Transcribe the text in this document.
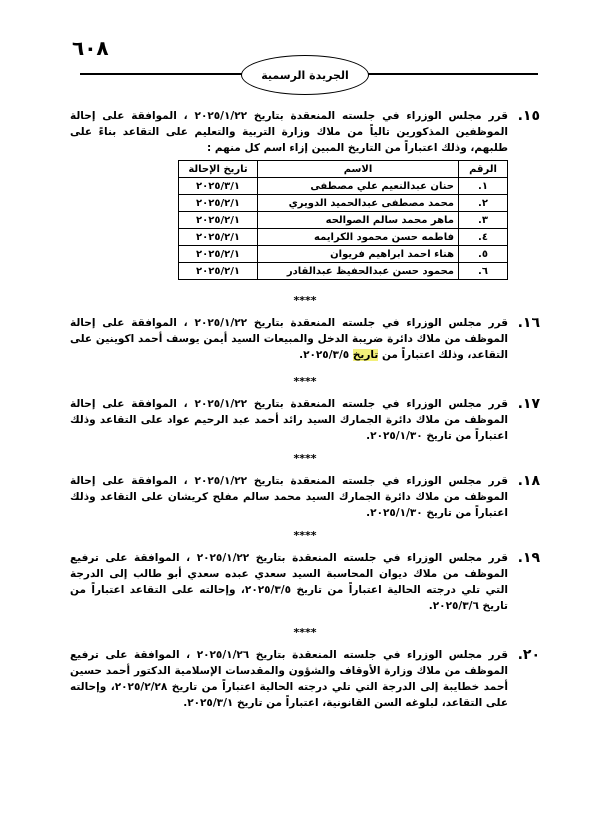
٦٠٨
الجريدة الرسمية
١٥.
قرر مجلس الوزراء في جلسته المنعقدة بتاريخ ٢٠٢٥/١/٢٢ ، الموافقة على إحالة الموظفين المذكورين تالياً من ملاك وزارة التربية والتعليم على التقاعد بناءً على طلبهم، وذلك اعتباراً من التاريخ المبين إزاء اسم كل منهم :
الرقم	الاسم	تاريخ الإحالة
١.	حنان عبدالنعيم علي مصطفى	٢٠٢٥/٣/١
٢.	محمد مصطفى عبدالحميد الدويري	٢٠٢٥/٢/١
٣.	ماهر محمد سالم الصوالحه	٢٠٢٥/٢/١
٤.	فاطمه حسن محمود الكرايمه	٢٠٢٥/٢/١
٥.	هناء احمد ابراهيم فريوان	٢٠٢٥/٢/١
٦.	محمود حسن عبدالحفيظ عبدالقادر	٢٠٢٥/٢/١
****
١٦.
قرر مجلس الوزراء في جلسته المنعقدة بتاريخ ٢٠٢٥/١/٢٢ ، الموافقة على إحالة الموظف من ملاك دائرة ضريبة الدخل والمبيعات السيد أيمن يوسف أحمد اكوينين على التقاعد، وذلك اعتباراً من تاريخ ٢٠٢٥/٣/٥.
****
١٧.
قرر مجلس الوزراء في جلسته المنعقدة بتاريخ ٢٠٢٥/١/٢٢ ، الموافقة على إحالة الموظف من ملاك دائرة الجمارك السيد رائد أحمد عبد الرحيم عواد على التقاعد وذلك اعتباراً من تاريخ ٢٠٢٥/١/٣٠.
****
١٨.
قرر مجلس الوزراء في جلسته المنعقدة بتاريخ ٢٠٢٥/١/٢٢ ، الموافقة على إحالة الموظف من ملاك دائرة الجمارك السيد محمد سالم مفلح كريشان على التقاعد وذلك اعتباراً من تاريخ ٢٠٢٥/١/٣٠.
****
١٩.
قرر مجلس الوزراء في جلسته المنعقدة بتاريخ ٢٠٢٥/١/٢٢ ، الموافقة على ترفيع الموظف من ملاك ديوان المحاسبة السيد سعدي عبده سعدي أبو طالب إلى الدرجة التي تلي درجته الحالية اعتباراً من تاريخ ٢٠٢٥/٣/٥، وإحالته على التقاعد اعتباراً من تاريخ ٢٠٢٥/٣/٦.
****
٢٠.
قرر مجلس الوزراء في جلسته المنعقدة بتاريخ ٢٠٢٥/١/٢٦ ، الموافقة على ترفيع الموظف من ملاك وزارة الأوقاف والشؤون والمقدسات الإسلامية الدكتور أحمد حسين أحمد خطايبة إلى الدرجة التي تلي درجته الحالية اعتباراً من تاريخ ٢٠٢٥/٢/٢٨، وإحالته على التقاعد، لبلوغه السن القانونية، اعتباراً من تاريخ ٢٠٢٥/٣/١.
